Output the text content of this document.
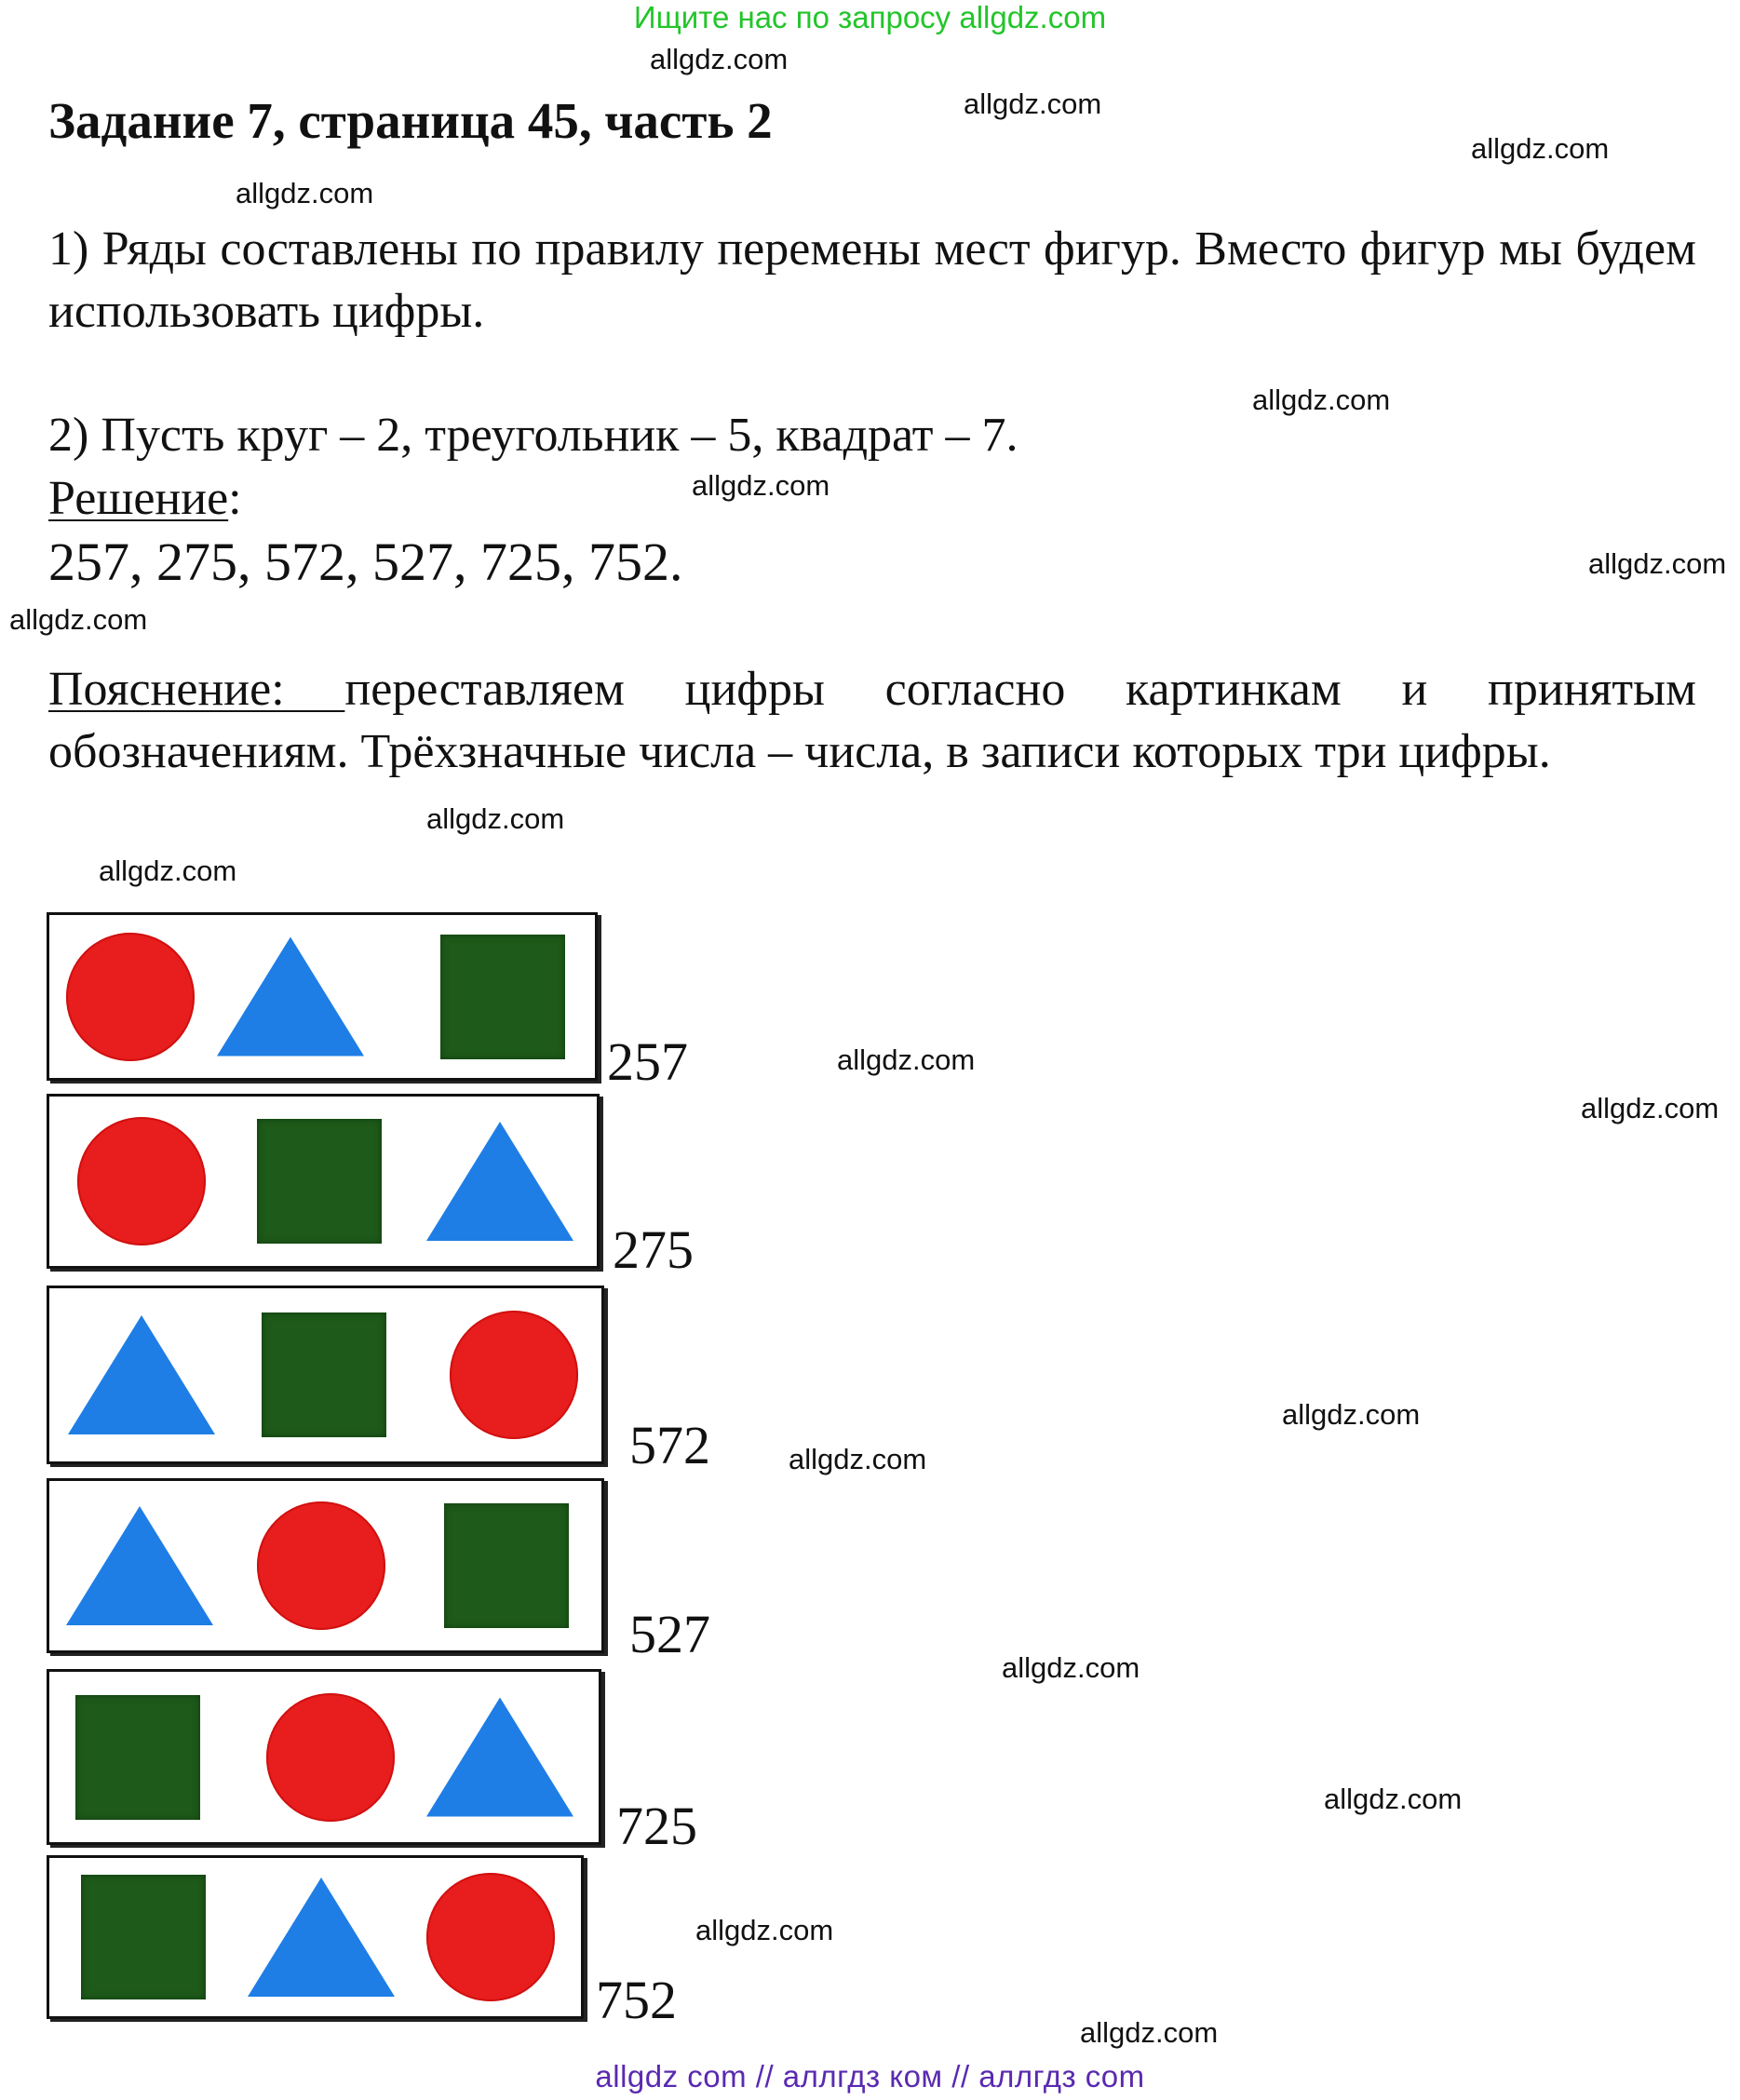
Ищите нас по запросу allgdz.com
allgdz.com
allgdz.com
allgdz.com
allgdz.com
allgdz.com
allgdz.com
allgdz.com
allgdz.com
allgdz.com
allgdz.com
allgdz.com
allgdz.com
allgdz.com
allgdz.com
allgdz.com
allgdz.com
allgdz.com
allgdz.com
Задание 7, страница 45, часть 2
1) Ряды составлены по правилу перемены мест фигур. Вместо фигур мы будем использовать цифры.
2) Пусть круг – 2, треугольник – 5, квадрат – 7.
Решение:
257, 275, 572, 527, 725, 752.
Пояснение: переставляем цифры согласно картинкам и принятым обозначениям. Трёхзначные числа – числа, в записи которых три цифры.
257
275
572
527
725
752
allgdz com // аллгдз ком // аллгдз com
